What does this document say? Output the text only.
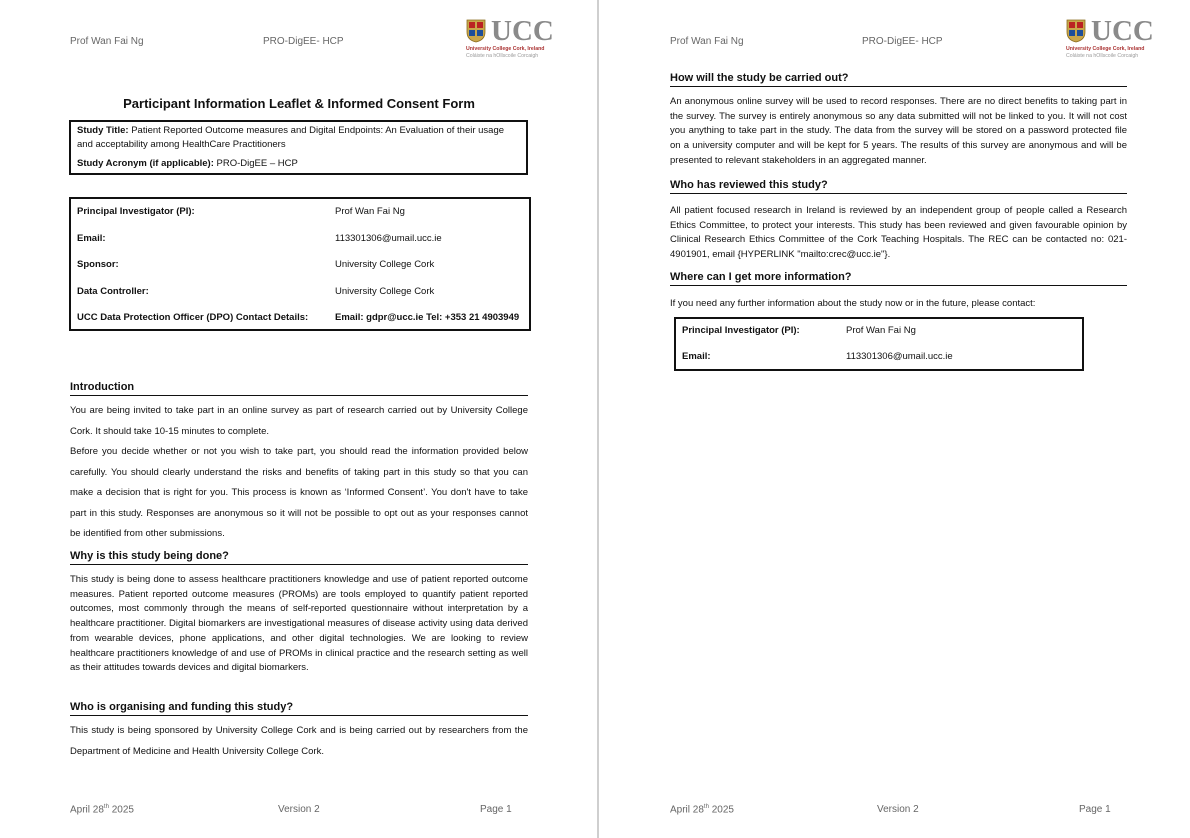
Prof Wan Fai Ng	PRO-DigEE- HCP	UCC
University College Cork, Ireland
Coláiste na hOllscoile Corcaigh
Participant Information Leaflet & Informed Consent Form

Study Title: Patient Reported Outcome measures and Digital Endpoints: An Evaluation of their usage and acceptability among HealthCare Practitioners

Study Acronym (if applicable): PRO-DigEE – HCP

Principal Investigator (PI):	Prof Wan Fai Ng
Email:	113301306@umail.ucc.ie
Sponsor:	University College Cork
Data Controller:	University College Cork
UCC Data Protection Officer (DPO) Contact Details:	Email: gdpr@ucc.ie Tel: +353 21 4903949
Introduction

You are being invited to take part in an online survey as part of research carried out by University College Cork. It should take 10-15 minutes to complete.

Before you decide whether or not you wish to take part, you should read the information provided below carefully. You should clearly understand the risks and benefits of taking part in this study so that you can make a decision that is right for you. This process is known as ‘Informed Consent’. You don't have to take part in this study. Responses are anonymous so it will not be possible to opt out as your responses cannot be identified from other submissions.

Why is this study being done?

This study is being done to assess healthcare practitioners knowledge and use of patient reported outcome measures. Patient reported outcome measures (PROMs) are tools employed to quantify patient reported outcomes, most commonly through the means of self-reported questionnaire without interpretation by a healthcare practitioner. Digital biomarkers are investigational measures of disease activity using data derived from wearable devices, phone applications, and other digital technologies. We are looking to review healthcare practitioners knowledge of and use of PROMs in clinical practice and the research setting as well as their attitudes towards devices and digital biomarkers.

Who is organising and funding this study?

This study is being sponsored by University College Cork and is being carried out by researchers from the Department of Medicine and Health University College Cork.

April 28th 2025	Version 2	Page 1
Prof Wan Fai Ng	PRO-DigEE- HCP	UCC
University College Cork, Ireland
Coláiste na hOllscoile Corcaigh
How will the study be carried out?

An anonymous online survey will be used to record responses. There are no direct benefits to taking part in the survey. The survey is entirely anonymous so any data submitted will not be linked to you. It will not cost you anything to take part in the study. The data from the survey will be stored on a password protected file on a university computer and will be kept for 5 years. The results of this survey are anonymous and will be presented to relevant stakeholders in an aggregated manner.

Who has reviewed this study?

All patient focused research in Ireland is reviewed by an independent group of people called a Research Ethics Committee, to protect your interests. This study has been reviewed and given favourable opinion by Clinical Research Ethics Committee of the Cork Teaching Hospitals. The REC can be contacted no: 021-4901901, email {HYPERLINK "mailto:crec@ucc.ie"}.

Where can I get more information?

If you need any further information about the study now or in the future, please contact:

Principal Investigator (PI):	Prof Wan Fai Ng
Email:	113301306@umail.ucc.ie
April 28th 2025	Version 2	Page 1
